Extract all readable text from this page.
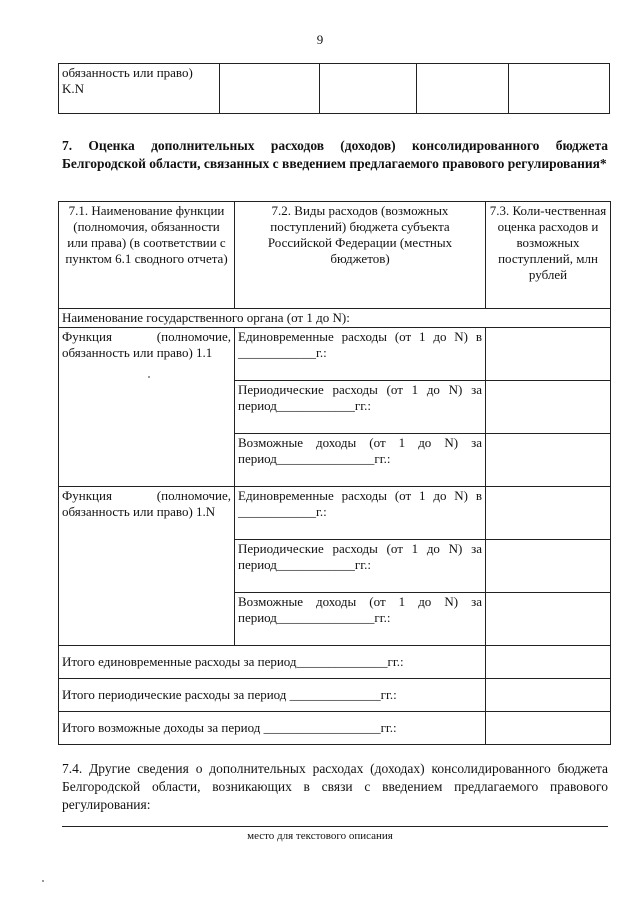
9
обязанность или право)
K.N				
7. Оценка дополнительных расходов (доходов) консолидированного бюджета Белгородской области, связанных с введением предлагаемого правового регулирования*
7.1. Наименование функции (полномочия, обязанности или права) (в соответствии с пунктом 6.1 сводного отчета)	7.2. Виды расходов (возможных поступлений) бюджета субъекта Российской Федерации (местных бюджетов)	7.3. Коли-чественная оценка расходов и возможных поступлений, млн рублей
Наименование государственного органа (от 1 до N):		
Функция (полномочие, обязанность или право) 1.1	Единовременные расходы (от 1 до N) в ____________г.:	
	Периодические расходы (от 1 до N) за период____________гг.:	
	Возможные доходы (от 1 до N) за период_______________гг.:	
Функция (полномочие, обязанность или право) 1.N	Единовременные расходы (от 1 до N) в ____________г.:	
	Периодические расходы (от 1 до N) за период____________гг.:	
	Возможные доходы (от 1 до N) за период_______________гг.:	
Итого единовременные расходы за период______________гг.:		
Итого периодические расходы за период ______________гг.:		
Итого возможные доходы за период __________________гг.:		
7.4. Другие сведения о дополнительных расходах (доходах) консолидированного бюджета Белгородской области, возникающих в связи с введением предлагаемого правового регулирования:
место для текстового описания
